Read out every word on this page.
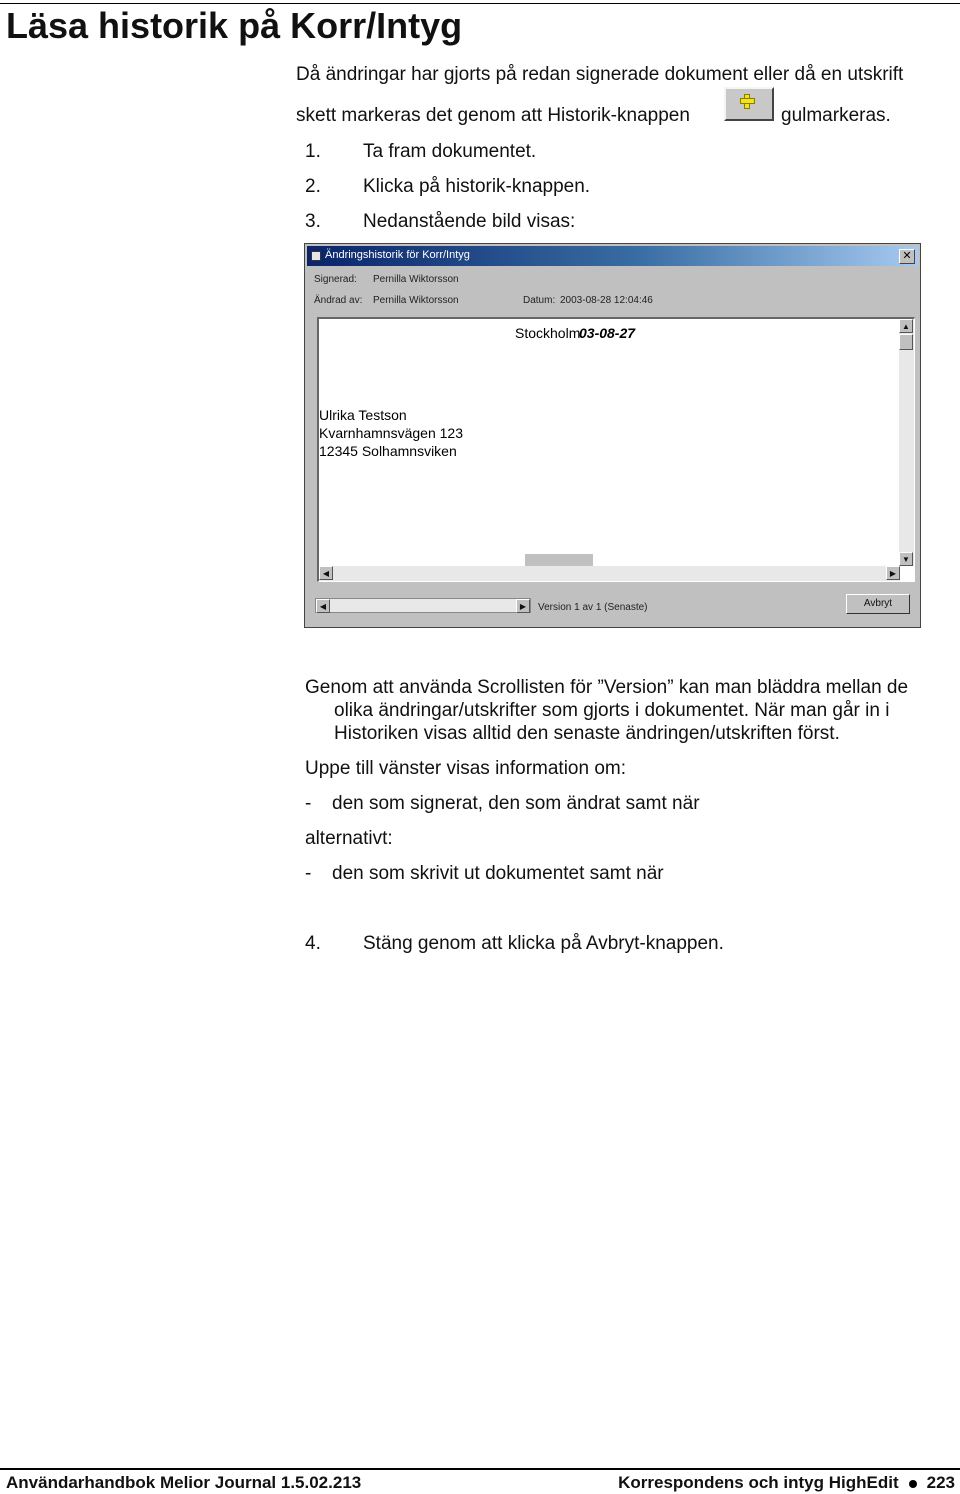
Läsa historik på Korr/Intyg
Då ändringar har gjorts på redan signerade dokument eller då en utskrift
skett markeras det genom att Historik-knappen	gulmarkeras.
1. Ta fram dokumentet.
2. Klicka på historik-knappen.
3. Nedanstående bild visas:
Ändringshistorik för Korr/Intyg	✕
Signerad: Pernilla Wiktorsson
Ändrad av: Pernilla Wiktorsson	Datum: 2003-08-28 12:04:46
Stockholm
03-08-27
Ulrika Testson
Kvarnhamnsvägen 123
12345 Solhamnsviken
▲
▼
◀	▶
◀	▶	Version 1 av 1 (Senaste)	Avbryt
Genom att använda Scrollisten för ”Version” kan man bläddra mellan de
olika ändringar/utskrifter som gjorts i dokumentet. När man går in i
Historiken visas alltid den senaste ändringen/utskriften först.
Uppe till vänster visas information om:
- den som signerat, den som ändrat samt när
alternativt:
- den som skrivit ut dokumentet samt när
4. Stäng genom att klicka på Avbryt-knappen.
Användarhandbok Melior Journal 1.5.02.213	Korrespondens och intyg HighEdit 223
